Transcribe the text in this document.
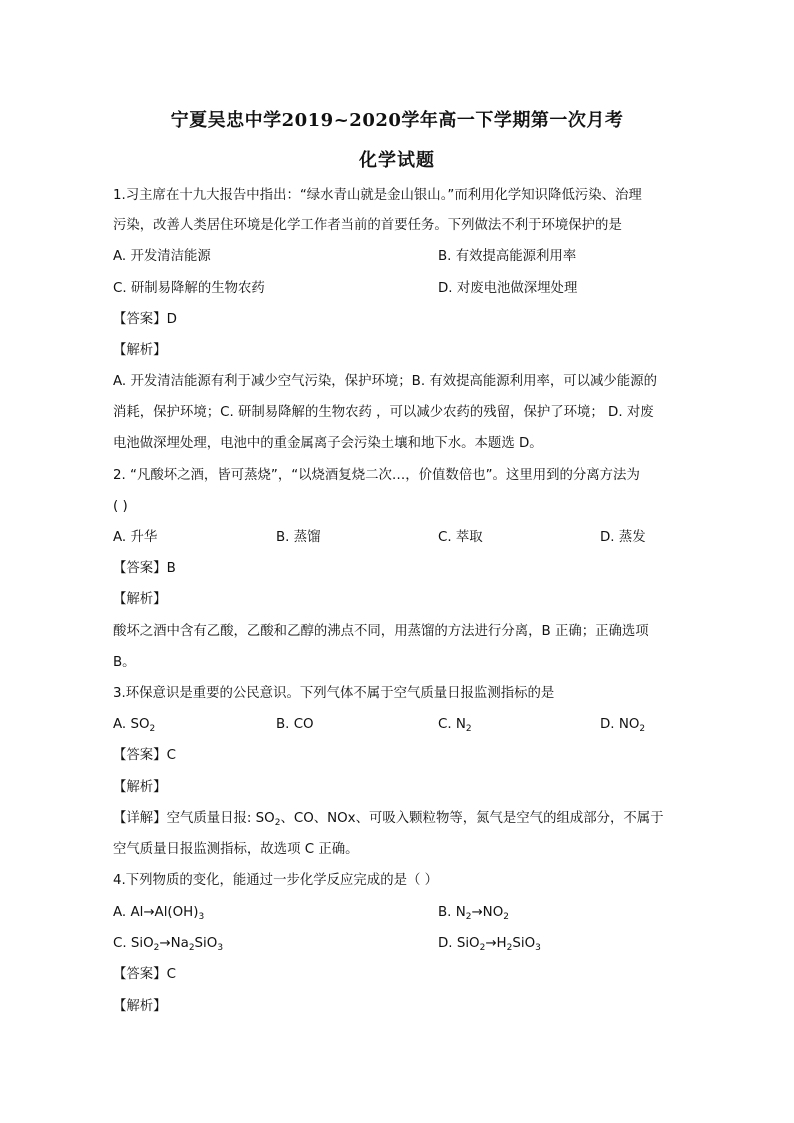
宁夏吴忠中学2019~2020学年高一下学期第一次月考
化学试题
1.习主席在十九大报告中指出：“绿水青山就是金山银山。”而利用化学知识降低污染、治理
污染，改善人类居住环境是化学工作者当前的首要任务。下列做法不利于环境保护的是
A. 开发清洁能源	B. 有效提高能源利用率
C. 研制易降解的生物农药	D. 对废电池做深埋处理
【答案】D
【解析】
A. 开发清洁能源有利于减少空气污染，保护环境；B. 有效提高能源利用率，可以减少能源的
消耗，保护环境；C. 研制易降解的生物农药 ，可以减少农药的残留，保护了环境； D. 对废
电池做深埋处理，电池中的重金属离子会污染土壤和地下水。本题选 D。
2. “凡酸坏之酒，皆可蒸烧”，“以烧酒复烧二次…，价值数倍也”。这里用到的分离方法为
( )
A. 升华	B. 蒸馏	C. 萃取	D. 蒸发
【答案】B
【解析】
酸坏之酒中含有乙酸，乙酸和乙醇的沸点不同，用蒸馏的方法进行分离，B 正确；正确选项
B。
3.环保意识是重要的公民意识。下列气体不属于空气质量日报监测指标的是
A. $SO_2$	B. CO	C. $N_2$	D. $NO_2$
【答案】C
【解析】
【详解】空气质量日报: $SO_2$、CO、NOx、可吸入颗粒物等，氮气是空气的组成部分，不属于
空气质量日报监测指标，故选项 C 正确。
4.下列物质的变化，能通过一步化学反应完成的是（ ）
A. $Al\to Al(OH)_3$	B. $N_2\to NO_2$
C. $SiO_2\to Na_2SiO_3$	D. $SiO_2\to H_2SiO_3$
【答案】C
【解析】
